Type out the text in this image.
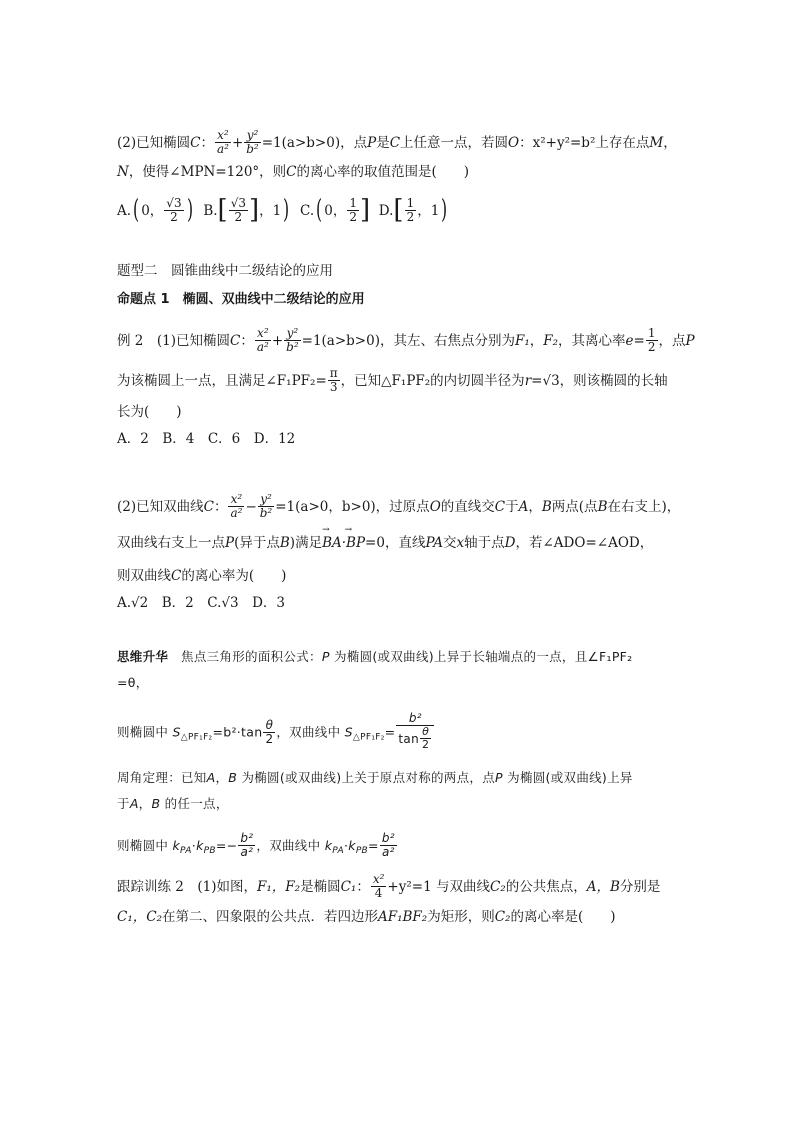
(2)已知椭圆C： $\frac{\text{x²}}{\text{a²}} + \frac{\text{y²}}{\text{b²}} =1(a>b>0)$，点P是C上任意一点，若圆O：x²+y²=b²上存在点M，
N，使得∠MPN=120°，则C的离心率的取值范围是(　　)
A.( 0， $\frac{√3}{2}$ ) $B.[ \frac{√3}{2}$ ]，1) C.( 0， $\frac{1}{2}$ ] $D.[ \frac{1}{2}$ ，1)
题型二　圆锥曲线中二级结论的应用
命题点 1　椭圆、双曲线中二级结论的应用
例 2　(1)已知椭圆C： $\frac{\text{x²}}{\text{a²}} + \frac{\text{y²}}{\text{b²}} =1(a>b>0)$，其左、右焦点分别为F₁，F₂，其离心率$e= \frac{1}{2}$ ，点P
为该椭圆上一点，且满足∠F₁PF₂= $\frac{\pi}{3}$ ，已知△F₁PF₂的内切圆半径为r=√3，则该椭圆的长轴
长为(　　)
A．2　B．4　C．6　D．12
(2)已知双曲线C： $\frac{\text{x²}}{\text{a²}} - \frac{\text{y²}}{\text{b²}} =1(a>0$，b>0)，过原点O的直线交C于A，B两点(点B在右支上)，
双曲线右支上一点P(异于点B)满足
→　→
BA·BP=0，直线PA交x轴于点D，若∠ADO=∠AOD，
则双曲线C的离心率为(　　)
A.√2　B．2　C.√3　D．3
思维升华 焦点三角形的面积公式：P 为椭圆(或双曲线)上异于长轴端点的一点，且∠F₁PF₂
=θ，
则椭圆中 $S_{\triangle PF_1F_2}=b^2\cdot\tan \frac{\theta}{2}$ ，双曲线中 $S_{\triangle PF_1F_2}= \frac{\text{b²}}{\tan \frac{\theta}{2}}$
周角定理：已知A，B 为椭圆(或双曲线)上关于原点对称的两点，点P 为椭圆(或双曲线)上异
于A，B 的任一点，
则椭圆中 $k_{PA}\cdot k_{PB}=- \frac{\text{b²}}{\text{a²}}$ ，双曲线中 $k_{PA}\cdot k_{PB}= \frac{\text{b²}}{\text{a²}}$
跟踪训练 2　(1)如图，F₁，F₂是椭圆C₁： $\frac{\text{x²}}{4} +y^2=1$ 与双曲线C₂的公共焦点，A，B分别是
C₁，C₂在第二、四象限的公共点．若四边形AF₁BF₂为矩形，则C₂的离心率是(　　)
